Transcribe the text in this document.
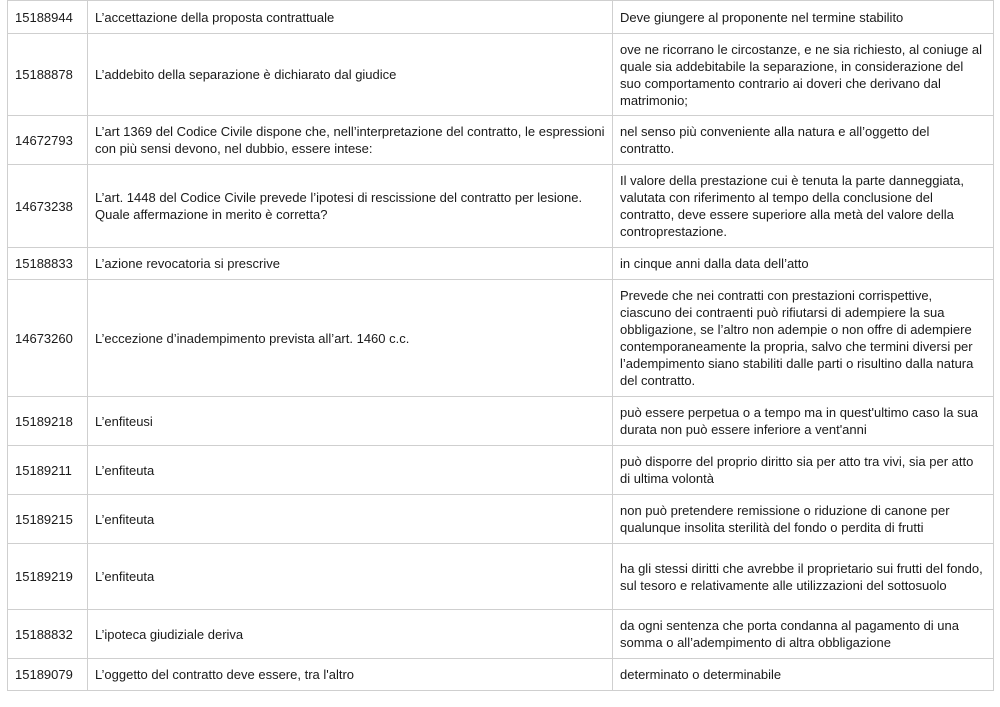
15188944	L’accettazione della proposta contrattuale	Deve giungere al proponente nel termine stabilito
15188878	L’addebito della separazione è dichiarato dal giudice	ove ne ricorrano le circostanze, e ne sia richiesto, al coniuge al quale sia addebitabile la separazione, in considerazione del suo comportamento contrario ai doveri che derivano dal matrimonio;
14672793	L’art 1369 del Codice Civile dispone che, nell’interpretazione del contratto, le espressioni con più sensi devono, nel dubbio, essere intese:	nel senso più conveniente alla natura e all’oggetto del contratto.
14673238	L’art. 1448 del Codice Civile prevede l’ipotesi di rescissione del contratto per lesione. Quale affermazione in merito è corretta?	Il valore della prestazione cui è tenuta la parte danneggiata, valutata con riferimento al tempo della conclusione del contratto, deve essere superiore alla metà del valore della controprestazione.
15188833	L’azione revocatoria si prescrive	in cinque anni dalla data dell’atto
14673260	L’eccezione d’inadempimento prevista all’art. 1460 c.c.	Prevede che nei contratti con prestazioni corrispettive, ciascuno dei contraenti può rifiutarsi di adempiere la sua obbligazione, se l’altro non adempie o non offre di adempiere contemporaneamente la propria, salvo che termini diversi per l’adempimento siano stabiliti dalle parti o risultino dalla natura del contratto.
15189218	L’enfiteusi	può essere perpetua o a tempo ma in quest'ultimo caso la sua durata non può essere inferiore a vent'anni
15189211	L’enfiteuta	può disporre del proprio diritto sia per atto tra vivi, sia per atto di ultima volontà
15189215	L’enfiteuta	non può pretendere remissione o riduzione di canone per qualunque insolita sterilità del fondo o perdita di frutti
15189219	L’enfiteuta	ha gli stessi diritti che avrebbe il proprietario sui frutti del fondo, sul tesoro e relativamente alle utilizzazioni del sottosuolo
15188832	L’ipoteca giudiziale deriva	da ogni sentenza che porta condanna al pagamento di una somma o all’adempimento di altra obbligazione
15189079	L’oggetto del contratto deve essere, tra l'altro	determinato o determinabile
